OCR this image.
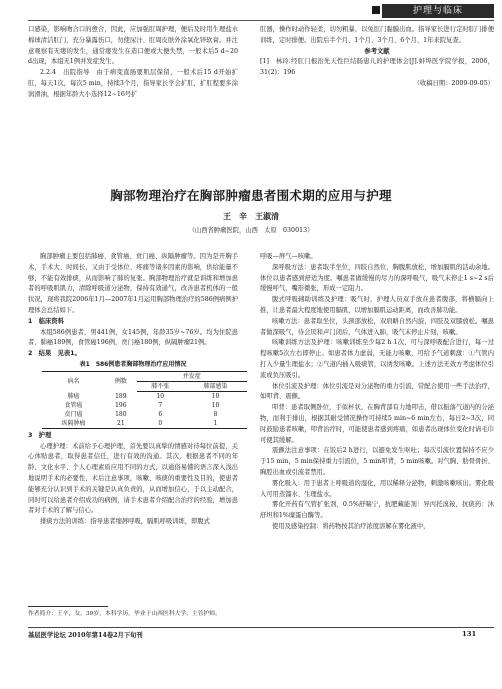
护理与临床

口感染，影响吻合口的愈合，因此，应加强肛周护理，便后及时用生理盐水棉球清洁肛门，充分暴露伤口，勿使尿汁、肛周皮肤外涂氧化锌软膏。并注意观察有无瘘的发生，通常瘘发生在造口便或大便失禁，一般术后5 d~20 d出现，本组无1例并发症发生。

2.2.4　出院指导　由于病变直肠要肌层保留，一般术后15 d开始扩肛，每天1次，每次5 min，持续3个月，指导家长学会扩肛，扩肛程要多涂润滑油，根据年龄大小选择12~16号扩

肛器，操作时动作轻柔，切勿粗暴，以免肛门黏膜出血。指导家长进行定时肛门排便训练，定时排便。出院后半个月、1个月、3个月、6个月、1年来院复查。

参考文献

[1]　林玲.经肛门根治先天性巨结肠患儿的护理体会[J].蚌埠医学院学报，2006，31(2)：196

（收稿日期：2009-09-05）

胸部物理治疗在胸部肿瘤患者围术期的应用与护理
王　辛　王淑清
（山西省肿瘤医院，山西　太原　030013）

胸部肿瘤主要包括肺癌、食管癌、贲门癌、纵隔肿瘤等。因为是开胸手术，手术大、时间长，又由于受体位、疼痛等诸多因素的影响，供给能量不够，不能有效排痰，从而影响了肺的复张。胸部物理治疗就是训练和增加患者的呼吸肌肌力，清除呼吸道分泌物，保持有效通气，改善患者机体的一般状况，现将我院2006年1月—2007年1月运用胸部物理治疗的586例病例护理体会总结如下。

1　临床资料

本组586例患者，男441例，女145例，年龄35岁~76岁。均为住院患者，肺癌189例，食管癌196例，贲门癌180例，纵隔肿瘤21例。

2　结果　见表1。

表1　586例患者胸部物理治疗应用情况

病名	例数	并发症	
		肺不张	肺部感染
肺癌	189	10	10
食管癌	196	7	10
贲门癌	180	6	8
纵隔肿瘤	21	0	1

3　护理

心理护理：术前给予心理护理，首先要以真挚的情感对待每位前提，关心体贴患者，取得患者信任，进行有效的沟通。其次，根据患者不同的年龄、文化水平、个人心理素质应用不同的方式，以通俗易懂的语言深入浅出地说明手术的必要性，术后注意事项，咳嗽、咳痰的重要性及目的，使患者能够充分认识到手术的关键是认真负责的，从而增加信心，于以主动配合，同时可以给患者介绍成功的病例，请手术患者介绍配合治疗的经验，增加患者对手术的了解与信心。

排痰方法的训练：指导患者缩唇呼吸，膈肌呼吸训练，即腹式

呼吸—屏气—咳嗽。

深呼吸方法：患者取半坐位，四肢自然位，胸腹肌放松，增加膈肌的活动余地。体位以患者感到舒适为度。嘱患者做缓慢的尽力的深呼吸气，吸气末停止1 s~2 s后缓慢呼气，嘴形微张，形成一定阻力。

腹式呼吸辅助训练及护理：吸气时，护理人员双手放在患者腹部，将横膈向上推，让患者最大程度地使用膈肌，以增加膈肌运动距离，而改善肺功能。

咳嗽方法：患者取坐位，头颈部放松，双肩略自然内旋，四肢及双膝放松。嘱患者做深吸气，待会厌和声门闭后，气体进入肺，吸气末停止片刻，咳嗽。

咳嗽训练方法及护理：咳嗽训练至少每2 h 1次，可与深呼吸配合进行，每一过程咳嗽5次左右即停止。如患者体力虚弱，无能力咳嗽，可给予气道刺激：①气管内打入少量生理盐水；②气道内插入吸痰管，以诱发咳嗽。上述方法无效方考虑体位引流或负压吸引。

体位引流及护理：体位引流是对分泌物的重力引流，常配合使用一些手法治疗，如叩背、震颤。

叩背：患者取侧卧位，手似杯状，在胸背部有力地叩击，借以振落气道内的分泌物，而利于排出，根据其耐受情况操作可持续5 min~6 min左右，每日2~3次，同时鼓励患者咳嗽，叩背治疗时，可能使患者感到疼痛，如患者出现体位变化时请毛巾可使其缓解。

震颤法注意事项：在饭后2 h进行，以避免发生呕吐；每次引流位置保持不应少于15 min，5 min保持重力引流位，5 min叩背，5 min咳嗽。对气胸、肋骨骨折、胸腔出血或引流者禁用。

雾化吸入：用于患者上呼吸道的湿化，用以稀释分泌物，刺激咳嗽咳出。雾化吸入可用蒸馏水、生理盐水。

雾化开药有气管扩张剂，0.5%舒喘宁，抗肥藏能剂：异丙托溴铵，抗痰药：沐舒坦和1%糜蛋白酶等。

使用及感染控制：将药物按其治疗浓度溶解在雾化液中，

作者简介：王辛，女，39岁，本科学历，毕业于山西医科大学，主管护师。
基层医学论坛 2010年第14卷2月下旬刊	131
